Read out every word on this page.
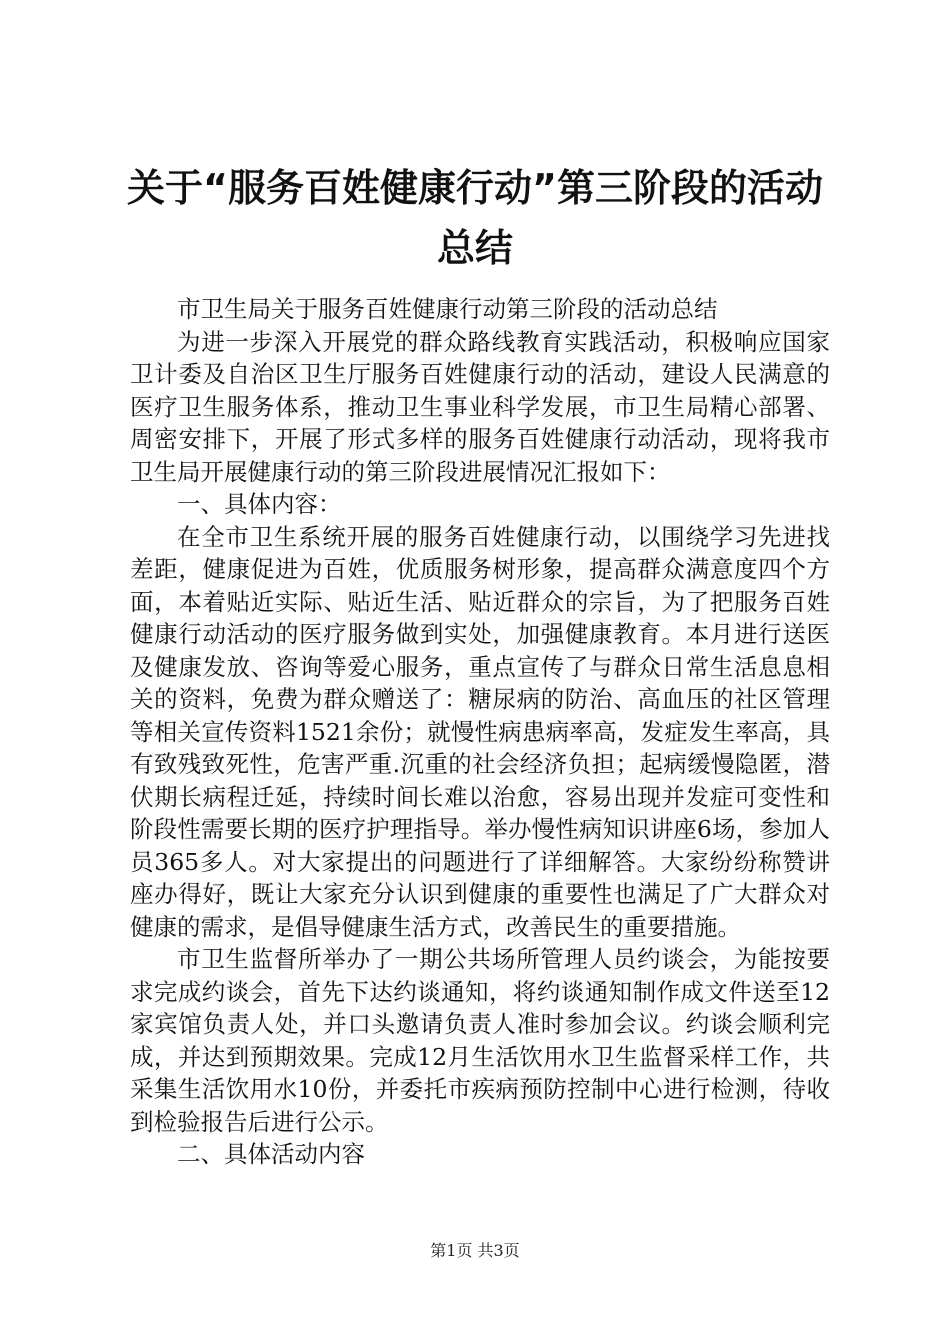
关于“服务百姓健康行动”第三阶段的活动总结

市卫生局关于服务百姓健康行动第三阶段的活动总结

为进一步深入开展党的群众路线教育实践活动，积极响应国家卫计委及自治区卫生厅服务百姓健康行动的活动，建设人民满意的医疗卫生服务体系，推动卫生事业科学发展，市卫生局精心部署、周密安排下，开展了形式多样的服务百姓健康行动活动，现将我市卫生局开展健康行动的第三阶段进展情况汇报如下：

一、具体内容：

在全市卫生系统开展的服务百姓健康行动，以围绕学习先进找差距，健康促进为百姓，优质服务树形象，提高群众满意度四个方面，本着贴近实际、贴近生活、贴近群众的宗旨，为了把服务百姓健康行动活动的医疗服务做到实处，加强健康教育。本月进行送医及健康发放、咨询等爱心服务，重点宣传了与群众日常生活息息相关的资料，免费为群众赠送了：糖尿病的防治、高血压的社区管理等相关宣传资料1521余份；就慢性病患病率高，发症发生率高，具有致残致死性，危害严重.沉重的社会经济负担；起病缓慢隐匿，潜伏期长病程迁延，持续时间长难以治愈，容易出现并发症可变性和阶段性需要长期的医疗护理指导。举办慢性病知识讲座6场，参加人员365多人。对大家提出的问题进行了详细解答。大家纷纷称赞讲座办得好，既让大家充分认识到健康的重要性也满足了广大群众对健康的需求，是倡导健康生活方式，改善民生的重要措施。

市卫生监督所举办了一期公共场所管理人员约谈会，为能按要求完成约谈会，首先下达约谈通知，将约谈通知制作成文件送至12家宾馆负责人处，并口头邀请负责人准时参加会议。约谈会顺利完成，并达到预期效果。完成12月生活饮用水卫生监督采样工作，共采集生活饮用水10份，并委托市疾病预防控制中心进行检测，待收到检验报告后进行公示。

二、具体活动内容

第1页 共3页
